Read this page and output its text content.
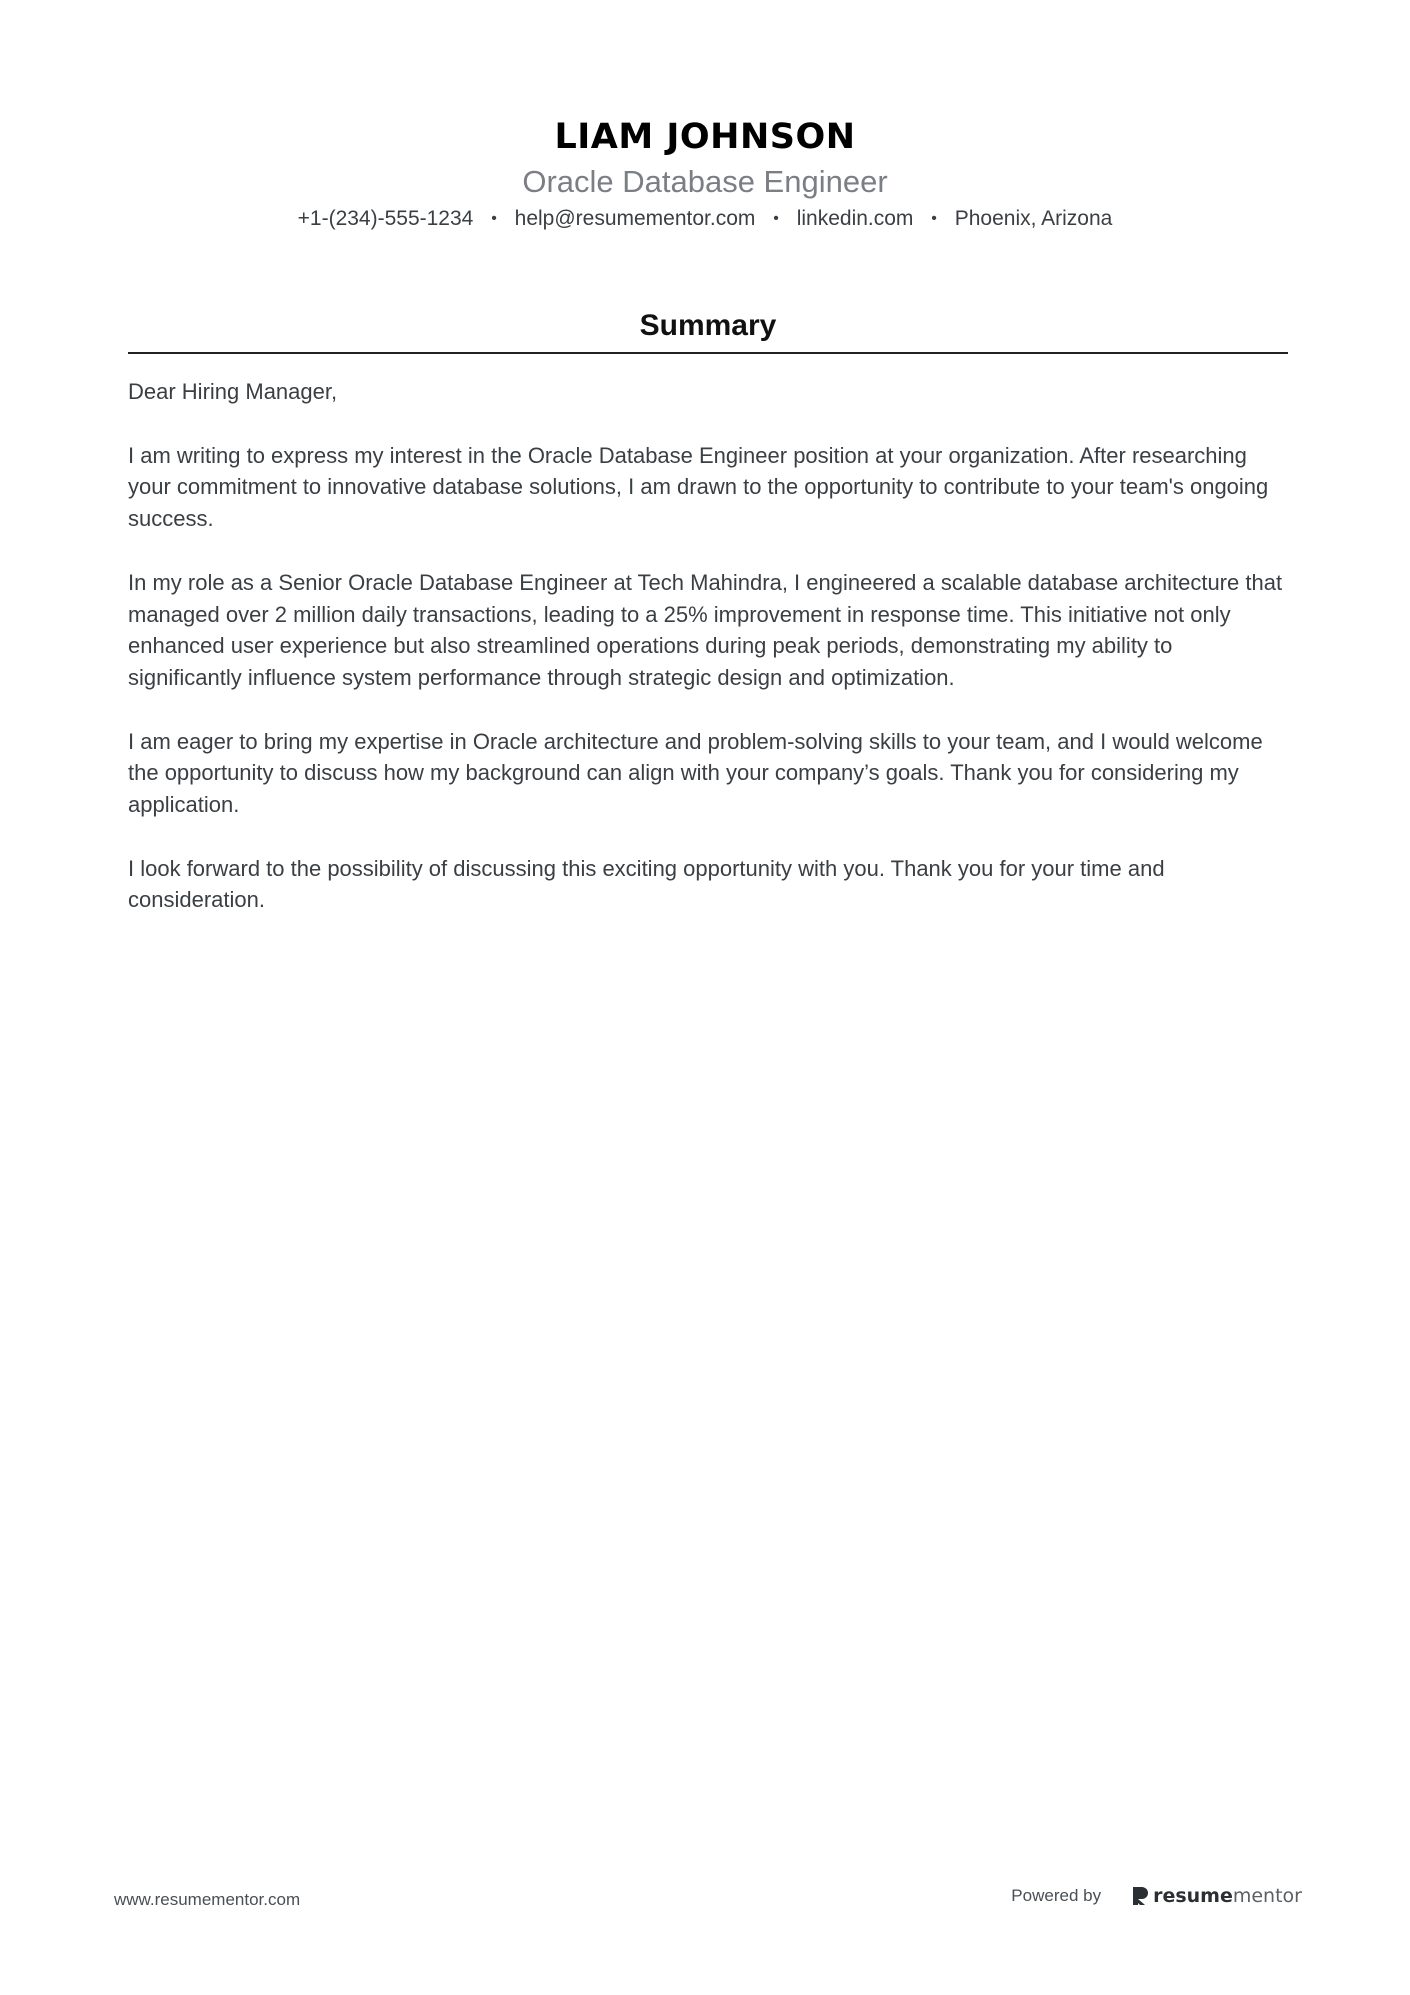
LIAM JOHNSON
Oracle Database Engineer
+1-(234)-555-1234 • help@resumementor.com • linkedin.com • Phoenix, Arizona
Summary

Dear Hiring Manager,

I am writing to express my interest in the Oracle Database Engineer position at your organization. After researching your commitment to innovative database solutions, I am drawn to the opportunity to contribute to your team's ongoing success.

In my role as a Senior Oracle Database Engineer at Tech Mahindra, I engineered a scalable database architecture that managed over 2 million daily transactions, leading to a 25% improvement in response time. This initiative not only enhanced user experience but also streamlined operations during peak periods, demonstrating my ability to significantly influence system performance through strategic design and optimization.

I am eager to bring my expertise in Oracle architecture and problem-solving skills to your team, and I would welcome the opportunity to discuss how my background can align with your company’s goals. Thank you for considering my application.

I look forward to the possibility of discussing this exciting opportunity with you. Thank you for your time and consideration.

www.resumementor.com	Powered by	resume mentor
